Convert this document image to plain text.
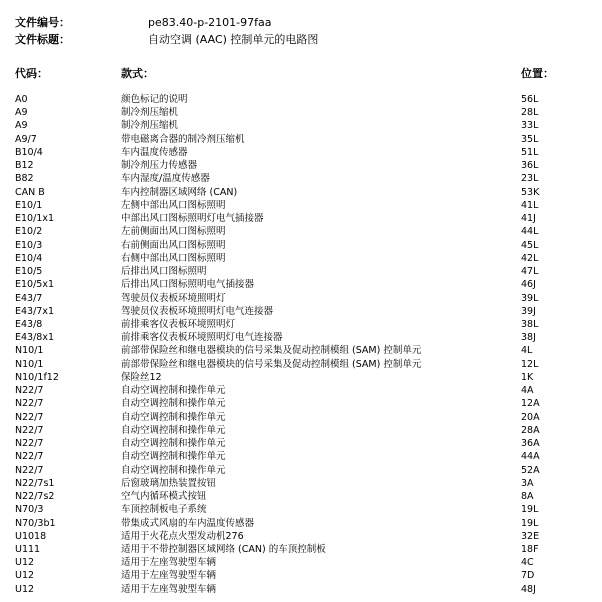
文件编号：	pe83.40-p-2101-97faa
文件标题：	自动空调 (AAC) 控制单元的电路图
代码：	款式：	位置：
A0	颜色标记的说明	56L
A9	制冷剂压缩机	28L
A9	制冷剂压缩机	33L
A9/7	带电磁离合器的制冷剂压缩机	35L
B10/4	车内温度传感器	51L
B12	制冷剂压力传感器	36L
B82	车内湿度/温度传感器	23L
CAN B	车内控制器区域网络 (CAN)	53K
E10/1	左侧中部出风口图标照明	41L
E10/1x1	中部出风口图标照明灯电气插接器	41J
E10/2	左前侧面出风口图标照明	44L
E10/3	右前侧面出风口图标照明	45L
E10/4	右侧中部出风口图标照明	42L
E10/5	后排出风口图标照明	47L
E10/5x1	后排出风口图标照明电气插接器	46J
E43/7	驾驶员仪表板环境照明灯	39L
E43/7x1	驾驶员仪表板环境照明灯电气连接器	39J
E43/8	前排乘客仪表板环境照明灯	38L
E43/8x1	前排乘客仪表板环境照明灯电气连接器	38J
N10/1	前部带保险丝和继电器模块的信号采集及促动控制模组 (SAM) 控制单元	4L
N10/1	前部带保险丝和继电器模块的信号采集及促动控制模组 (SAM) 控制单元	12L
N10/1f12	保险丝12	1K
N22/7	自动空调控制和操作单元	4A
N22/7	自动空调控制和操作单元	12A
N22/7	自动空调控制和操作单元	20A
N22/7	自动空调控制和操作单元	28A
N22/7	自动空调控制和操作单元	36A
N22/7	自动空调控制和操作单元	44A
N22/7	自动空调控制和操作单元	52A
N22/7s1	后窗玻璃加热装置按钮	3A
N22/7s2	空气内循环模式按钮	8A
N70/3	车顶控制板电子系统	19L
N70/3b1	带集成式风扇的车内温度传感器	19L
U1018	适用于火花点火型发动机276	32E
U111	适用于不带控制器区域网络 (CAN) 的车顶控制板	18F
U12	适用于左座驾驶型车辆	4C
U12	适用于左座驾驶型车辆	7D
U12	适用于左座驾驶型车辆	48J
